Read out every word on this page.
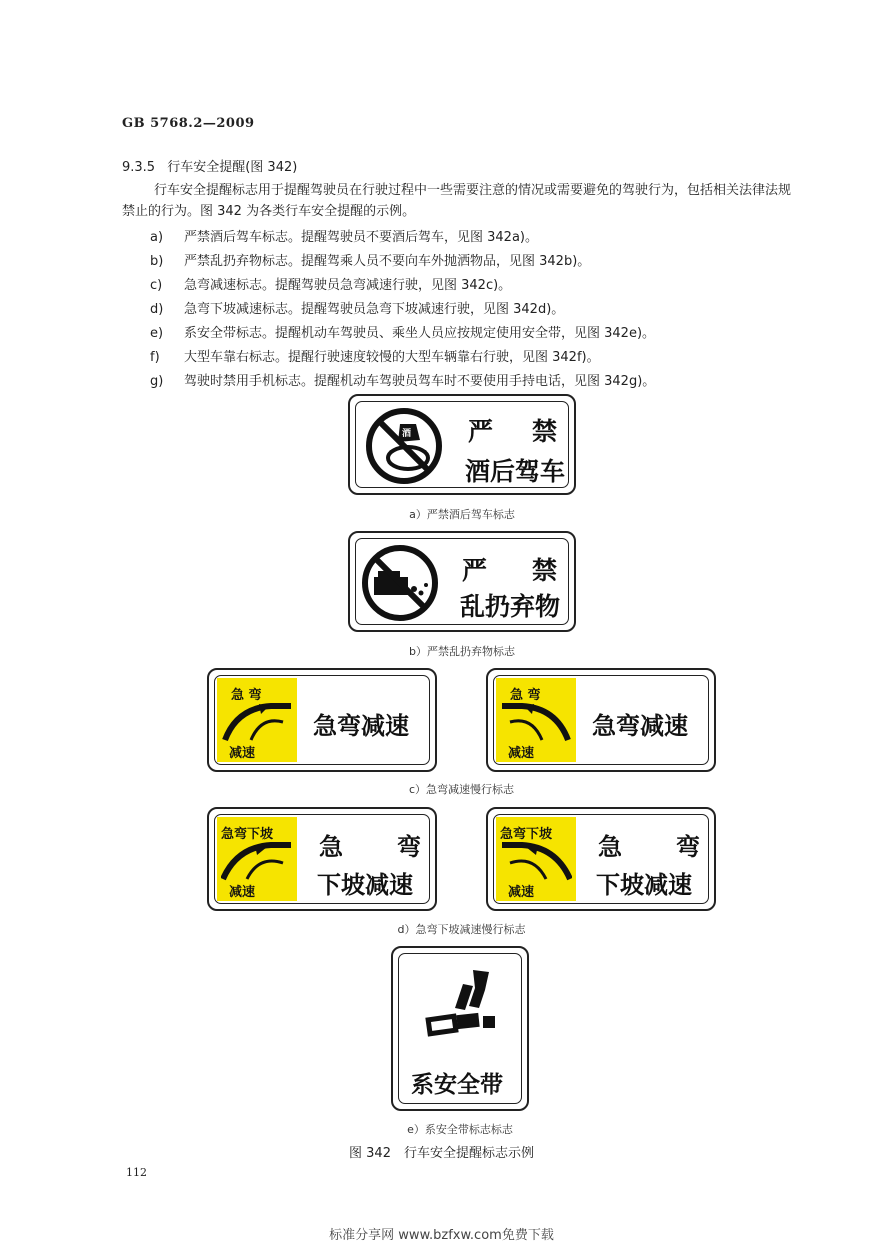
GB 5768.2—2009
9.3.5 行车安全提醒(图 342)
行车安全提醒标志用于提醒驾驶员在行驶过程中一些需要注意的情况或需要避免的驾驶行为，包括相关法律法规禁止的行为。图 342 为各类行车安全提醒的示例。
a) 严禁酒后驾车标志。提醒驾驶员不要酒后驾车，见图 342a)。
b) 严禁乱扔弃物标志。提醒驾乘人员不要向车外抛洒物品，见图 342b)。
c) 急弯减速标志。提醒驾驶员急弯减速行驶，见图 342c)。
d) 急弯下坡减速标志。提醒驾驶员急弯下坡减速行驶，见图 342d)。
e) 系安全带标志。提醒机动车驾驶员、乘坐人员应按规定使用安全带，见图 342e)。
f) 大型车靠右标志。提醒行驶速度较慢的大型车辆靠右行驶，见图 342f)。
g) 驾驶时禁用手机标志。提醒机动车驾驶员驾车时不要使用手持电话，见图 342g)。
酒 严 禁
酒后驾车
a）严禁酒后驾车标志
严 禁
乱扔弃物
b）严禁乱扔弃物标志
急 弯
减速
急弯减速
急 弯
减速
急弯减速
c）急弯减速慢行标志
急弯下坡
减速
急 弯
下坡减速
急弯下坡
减速
急 弯
下坡减速
d）急弯下坡减速慢行标志
系安全带
e）系安全带标志标志
图 342　行车安全提醒标志示例
112
标准分享网 www.bzfxw.com免费下载
